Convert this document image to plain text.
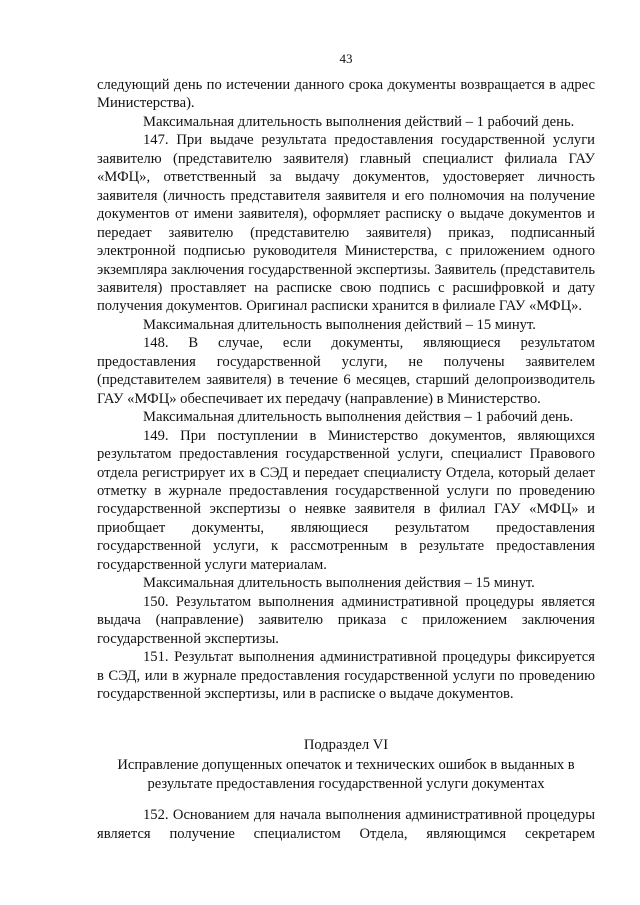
43

следующий день по истечении данного срока документы возвращается в адрес Министерства).

Максимальная длительность выполнения действий – 1 рабочий день.

147. При выдаче результата предоставления государственной услуги заявителю (представителю заявителя) главный специалист филиала ГАУ «МФЦ», ответственный за выдачу документов, удостоверяет личность заявителя (личность представителя заявителя и его полномочия на получение документов от имени заявителя), оформляет расписку о выдаче документов и передает заявителю (представителю заявителя) приказ, подписанный электронной подписью руководителя Министерства, с приложением одного экземпляра заключения государственной экспертизы. Заявитель (представитель заявителя) проставляет на расписке свою подпись с расшифровкой и дату получения документов. Оригинал расписки хранится в филиале ГАУ «МФЦ».

Максимальная длительность выполнения действий – 15 минут.

148. В случае, если документы, являющиеся результатом предоставления государственной услуги, не получены заявителем (представителем заявителя) в течение 6 месяцев, старший делопроизводитель ГАУ «МФЦ» обеспечивает их передачу (направление) в Министерство.

Максимальная длительность выполнения действия – 1 рабочий день.

149. При поступлении в Министерство документов, являющихся результатом предоставления государственной услуги, специалист Правового отдела регистрирует их в СЭД и передает специалисту Отдела, который делает отметку в журнале предоставления государственной услуги по проведению государственной экспертизы о неявке заявителя в филиал ГАУ «МФЦ» и приобщает документы, являющиеся результатом предоставления государственной услуги, к рассмотренным в результате предоставления государственной услуги материалам.

Максимальная длительность выполнения действия – 15 минут.

150. Результатом выполнения административной процедуры является выдача (направление) заявителю приказа с приложением заключения государственной экспертизы.

151. Результат выполнения административной процедуры фиксируется в СЭД, или в журнале предоставления государственной услуги по проведению государственной экспертизы, или в расписке о выдаче документов.

Подраздел VI

Исправление допущенных опечаток и технических ошибок в выданных в

результате предоставления государственной услуги документах

152. Основанием для начала выполнения административной процедуры является получение специалистом Отдела, являющимся секретарем
